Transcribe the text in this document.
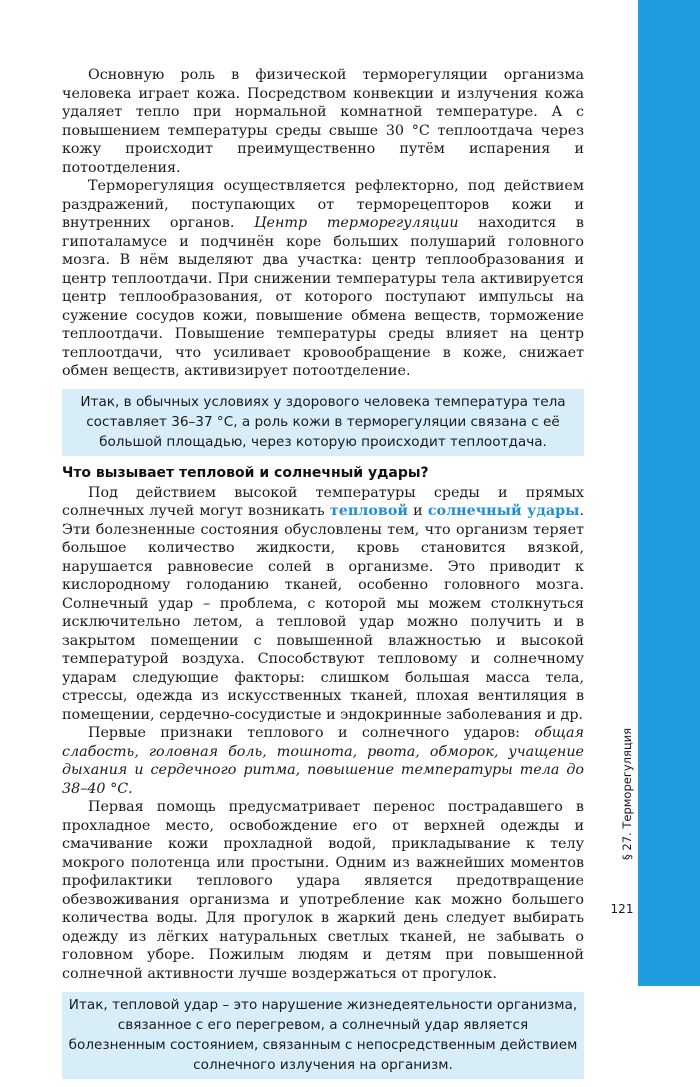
Основную роль в физической терморегуляции организма человека играет кожа. Посредством конвекции и излучения кожа удаляет тепло при нормальной комнатной температуре. А с повышением температуры среды свыше 30 °С теплоотдача через кожу происходит преимущественно путём испарения и потоотделения.

Терморегуляция осуществляется рефлекторно, под действием раздражений, поступающих от терморецепторов кожи и внутренних органов. Центр терморегуляции находится в гипоталамусе и подчинён коре больших полушарий головного мозга. В нём выделяют два участка: центр теплообразования и центр теплоотдачи. При снижении температуры тела активируется центр теплообразования, от которого поступают импульсы на сужение сосудов кожи, повышение обмена веществ, торможение теплоотдачи. Повышение температуры среды влияет на центр теплоотдачи, что усиливает кровообращение в коже, снижает обмен веществ, активизирует потоотделение.

Итак, в обычных условиях у здорового человека температура тела составляет 36–37 °С, а роль кожи в терморегуляции связана с её большой площадью, через которую происходит теплоотдача.
Что вызывает тепловой и солнечный удары?

Под действием высокой температуры среды и прямых солнечных лучей могут возникать тепловой и солнечный удары. Эти болезненные состояния обусловлены тем, что организм теряет большое количество жидкости, кровь становится вязкой, нарушается равновесие солей в организме. Это приводит к кислородному голоданию тканей, особенно головного мозга. Солнечный удар – проблема, с которой мы можем столкнуться исключительно летом, а тепловой удар можно получить и в закрытом помещении с повышенной влажностью и высокой температурой воздуха. Способствуют тепловому и солнечному ударам следующие факторы: слишком большая масса тела, стрессы, одежда из искусственных тканей, плохая вентиляция в помещении, сердечно-сосудистые и эндокринные заболевания и др.

Первые признаки теплового и солнечного ударов: общая слабость, головная боль, тошнота, рвота, обморок, учащение дыхания и сердечного ритма, повышение температуры тела до 38–40 °С.

Первая помощь предусматривает перенос пострадавшего в прохладное место, освобождение его от верхней одежды и смачивание кожи прохладной водой, прикладывание к телу мокрого полотенца или простыни. Одним из важнейших моментов профилактики теплового удара является предотвращение обезвоживания организма и употребление как можно большего количества воды. Для прогулок в жаркий день следует выбирать одежду из лёгких натуральных светлых тканей, не забывать о головном уборе. Пожилым людям и детям при повышенной солнечной активности лучше воздержаться от прогулок.

Итак, тепловой удар – это нарушение жизнедеятельности организма, связанное с его перегревом, а солнечный удар является болезненным состоянием, связанным с непосредственным действием солнечного излучения на организм.
§ 27. Терморегуляция
121
